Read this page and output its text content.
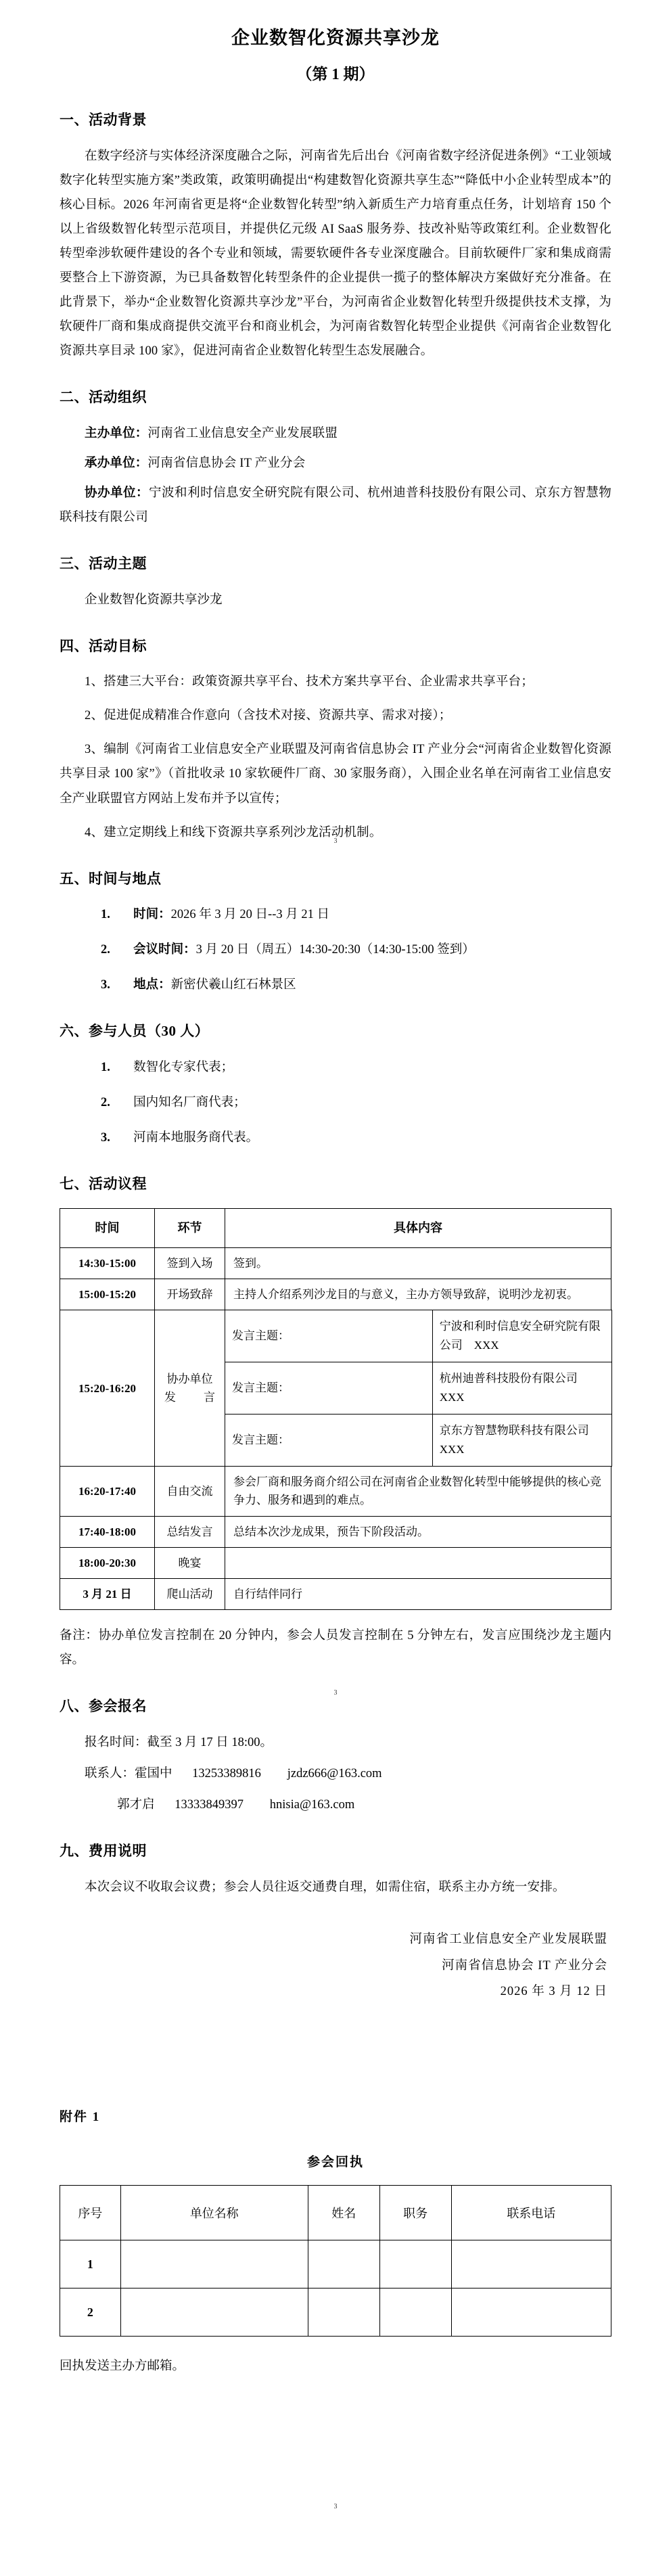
企业数智化资源共享沙龙
（第 1 期）
一、活动背景

在数字经济与实体经济深度融合之际，河南省先后出台《河南省数字经济促进条例》“工业领域数字化转型实施方案”类政策，政策明确提出“构建数智化资源共享生态”“降低中小企业转型成本”的核心目标。2026 年河南省更是将“企业数智化转型”纳入新质生产力培育重点任务，计划培育 150 个以上省级数智化转型示范项目，并提供亿元级 AI SaaS 服务券、技改补贴等政策红利。企业数智化转型牵涉软硬件建设的各个专业和领域，需要软硬件各专业深度融合。目前软硬件厂家和集成商需要整合上下游资源，为已具备数智化转型条件的企业提供一揽子的整体解决方案做好充分准备。在此背景下，举办“企业数智化资源共享沙龙”平台，为河南省企业数智化转型升级提供技术支撑，为软硬件厂商和集成商提供交流平台和商业机会，为河南省数智化转型企业提供《河南省企业数智化资源共享目录 100 家》，促进河南省企业数智化转型生态发展融合。

二、活动组织

主办单位：河南省工业信息安全产业发展联盟

承办单位：河南省信息协会 IT 产业分会

协办单位：宁波和利时信息安全研究院有限公司、杭州迪普科技股份有限公司、京东方智慧物联科技有限公司

三、活动主题

企业数智化资源共享沙龙

四、活动目标
1、搭建三大平台：政策资源共享平台、技术方案共享平台、企业需求共享平台；
2、促进促成精准合作意向（含技术对接、资源共享、需求对接）；
3、编制《河南省工业信息安全产业联盟及河南省信息协会 IT 产业分会“河南省企业数智化资源共享目录 100 家”》（首批收录 10 家软硬件厂商、30 家服务商），入围企业名单在河南省工业信息安全产业联盟官方网站上发布并予以宣传；
4、建立定期线上和线下资源共享系列沙龙活动机制。
3
五、时间与地点
1. 时间：2026 年 3 月 20 日--3 月 21 日
2. 会议时间：3 月 20 日（周五）14:30-20:30（14:30-15:00 签到）
3. 地点：新密伏羲山红石林景区
六、参与人员（30 人）
1. 数智化专家代表；
2. 国内知名厂商代表；
3. 河南本地服务商代表。
七、活动议程
时间	环节	具体内容
14:30-15:00	签到入场	签到。
15:00-15:20	开场致辞	主持人介绍系列沙龙目的与意义，主办方领导致辞，说明沙龙初衷。
15:20-16:20	协办单位发言	
发言主题：	宁波和利时信息安全研究院有限公司　XXX
发言主题：	杭州迪普科技股份有限公司　XXX
发言主题：	京东方智慧物联科技有限公司　XXX

16:20-17:40	自由交流	参会厂商和服务商介绍公司在河南省企业数智化转型中能够提供的核心竞争力、服务和遇到的难点。
17:40-18:00	总结发言	总结本次沙龙成果，预告下阶段活动。
18:00-20:30	晚宴	
3 月 21 日	爬山活动	自行结伴同行

备注：协办单位发言控制在 20 分钟内，参会人员发言控制在 5 分钟左右，发言应围绕沙龙主题内容。

八、参会报名

报名时间：截至 3 月 17 日 18:00。

联系人：霍国中 13253389816 jzdz666@163.com

郭才启 13333849397 hnisia@163.com

3
九、费用说明

本次会议不收取会议费；参会人员往返交通费自理，如需住宿，联系主办方统一安排。

河南省工业信息安全产业发展联盟
河南省信息协会 IT 产业分会
2026 年 3 月 12 日
附件 1
参会回执
序号	单位名称	姓名	职务	联系电话
1				
2				

回执发送主办方邮箱。

3
